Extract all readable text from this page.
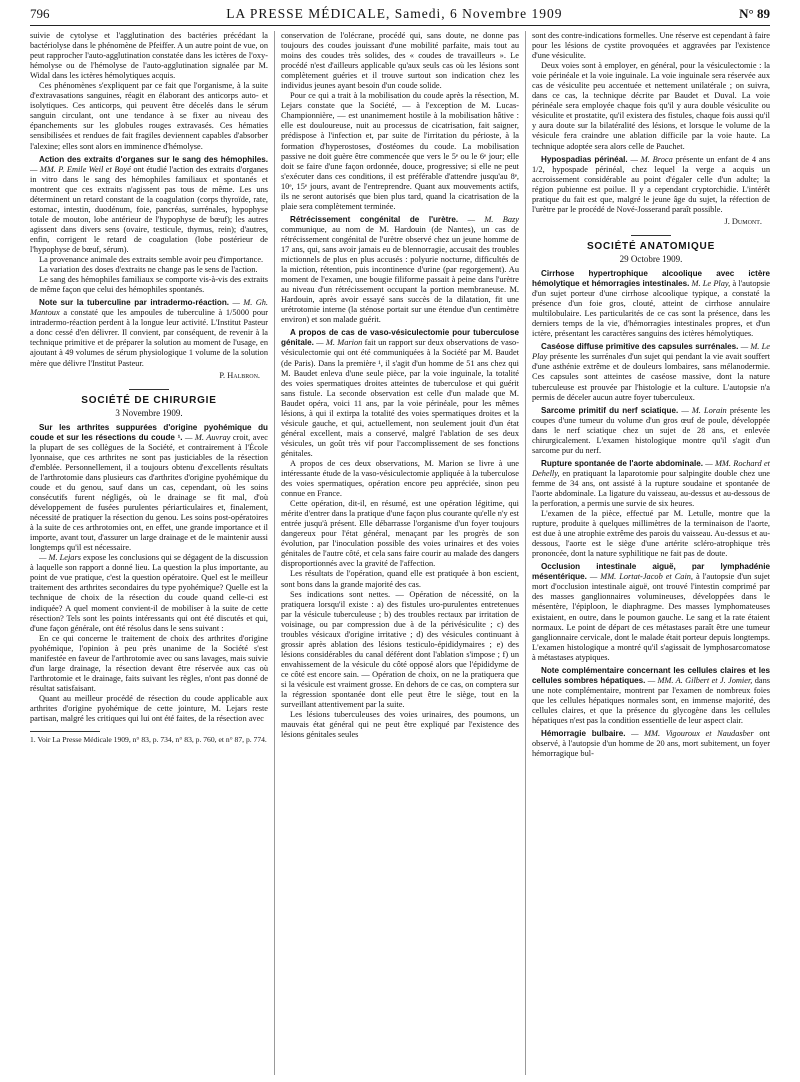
796	LA PRESSE MÉDICALE, Samedi, 6 Novembre 1909	N° 89

suivie de cytolyse et l'agglutination des bactéries précédant la bactériolyse dans le phénomène de Pfeiffer. A un autre point de vue, on peut rapprocher l'auto-agglutination constatée dans les ictères de l'oxy-hémolyse ou de l'hémolyse de l'auto-agglutination signalée par M. Widal dans les ictères hémolytiques acquis.

Ces phénomènes s'expliquent par ce fait que l'organisme, à la suite d'extravasations sanguines, réagit en élaborant des anticorps auto- et isolytiques. Ces anticorps, qui peuvent être décelés dans le sérum sanguin circulant, ont une tendance à se fixer au niveau des épanchements sur les globules rouges extravasés. Ces hématies sensibilisées et rendues de fait fragiles deviennent capables d'absorber l'alexine; elles sont alors en imminence d'hémolyse.

Action des extraits d'organes sur le sang des hémophiles. — MM. P. Emile Weil et Boyé ont étudié l'action des extraits d'organes in vitro dans le sang des hémophiles familiaux et spontanés et montrent que ces extraits n'agissent pas tous de même. Les uns déterminent un retard constant de la coagulation (corps thyroïde, rate, estomac, intestin, duodénum, foie, pancréas, surrénales, hypophyse totale de mouton, lobe antérieur de l'hypophyse de bœuf); les autres agissent dans divers sens (ovaire, testicule, thymus, rein); d'autres, enfin, corrigent le retard de coagulation (lobe postérieur de l'hypophyse de bœuf, sérum).

La provenance animale des extraits semble avoir peu d'importance.

La variation des doses d'extraits ne change pas le sens de l'action.

Le sang des hémophiles familiaux se comporte vis-à-vis des extraits de même façon que celui des hémophiles spontanés.

Note sur la tuberculine par intradermo-réaction. — M. Gh. Mantoux a constaté que les ampoules de tuberculine à 1/5000 pour intradermo-réaction perdent à la longue leur activité. L'Institut Pasteur a donc cessé d'en délivrer. Il convient, par conséquent, de revenir à la technique primitive et de préparer la solution au moment de l'usage, en ajoutant à 49 volumes de sérum physiologique 1 volume de la solution mère que délivre l'Institut Pasteur.

P. Halbron.
SOCIÉTÉ DE CHIRURGIE
3 Novembre 1909.

Sur les arthrites suppurées d'origine pyohémique du coude et sur les résections du coude ¹. — M. Auvray croit, avec la plupart de ses collègues de la Société, et contrairement à l'École lyonnaise, que ces arthrites ne sont pas justiciables de la résection d'emblée. Personnellement, il a toujours obtenu d'excellents résultats de l'arthrotomie dans plusieurs cas d'arthrites d'origine pyohémique du coude et du genou, sauf dans un cas, cependant, où les soins consécutifs furent négligés, où le drainage se fit mal, d'où développement de fusées purulentes périarticulaires et, finalement, nécessité de pratiquer la résection du genou. Les soins post-opératoires à la suite de ces arthrotomies ont, en effet, une grande importance et il importe, avant tout, d'assurer un large drainage et de le maintenir aussi longtemps qu'il est nécessaire.

— M. Lejars expose les conclusions qui se dégagent de la discussion à laquelle son rapport a donné lieu. La question la plus importante, au point de vue pratique, c'est la question opératoire. Quel est le meilleur traitement des arthrites secondaires du type pyohémique? Quelle est la technique de choix de la résection du coude quand celle-ci est indiquée? A quel moment convient-il de mobiliser à la suite de cette résection? Tels sont les points intéressants qui ont été discutés et qui, d'une façon générale, ont été résolus dans le sens suivant :

En ce qui concerne le traitement de choix des arthrites d'origine pyohémique, l'opinion à peu près unanime de la Société s'est manifestée en faveur de l'arthrotomie avec ou sans lavages, mais suivie d'un large drainage, la résection devant être réservée aux cas où l'arthrotomie et le drainage, faits suivant les règles, n'ont pas donné de résultat satisfaisant.

Quant au meilleur procédé de résection du coude applicable aux arthrites d'origine pyohémique de cette jointure, M. Lejars reste partisan, malgré les critiques qui lui ont été faites, de la résection avec

1. Voir La Presse Médicale 1909, n° 83, p. 734, n° 83, p. 760, et n° 87, p. 774.

conservation de l'olécrane, procédé qui, sans doute, ne donne pas toujours des coudes jouissant d'une mobilité parfaite, mais tout au moins des coudes très solides, des « coudes de travailleurs ». Le procédé n'est d'ailleurs applicable qu'aux seuls cas où les lésions sont complètement guéries et il trouve surtout son indication chez les individus jeunes ayant besoin d'un coude solide.

Pour ce qui a trait à la mobilisation du coude après la résection, M. Lejars constate que la Société, — à l'exception de M. Lucas-Championnière, — est unanimement hostile à la mobilisation hâtive : elle est douloureuse, nuit au processus de cicatrisation, fait saigner, prédispose à l'infection et, par suite de l'irritation du périoste, à la formation d'hyperostoses, d'ostéomes du coude. La mobilisation passive ne doit guère être commencée que vers le 5ᵉ ou le 6ᵉ jour; elle doit se faire d'une façon ordonnée, douce, progressive; si elle ne peut s'exécuter dans ces conditions, il est préférable d'attendre jusqu'au 8ᵉ, 10ᵉ, 15ᵉ jours, avant de l'entreprendre. Quant aux mouvements actifs, ils ne seront autorisés que bien plus tard, quand la cicatrisation de la plaie sera complètement terminée.

Rétrécissement congénital de l'urètre. — M. Bazy communique, au nom de M. Hardouin (de Nantes), un cas de rétrécissement congénital de l'urètre observé chez un jeune homme de 17 ans, qui, sans avoir jamais eu de blennorragie, accusait des troubles mictionnels de plus en plus accusés : polyurie nocturne, difficultés de la miction, rétention, puis incontinence d'urine (par regorgement). Au moment de l'examen, une bougie filiforme passait à peine dans l'urètre au niveau d'un rétrécissement occupant la portion membraneuse. M. Hardouin, après avoir essayé sans succès de la dilatation, fit une urétrotomie interne (la sténose portait sur une étendue d'un centimètre environ) et son malade guérit.

A propos de cas de vaso-vésiculectomie pour tuberculose génitale. — M. Marion fait un rapport sur deux observations de vaso-vésiculectomie qui ont été communiquées à la Société par M. Baudet (de Paris). Dans la première ¹, il s'agit d'un homme de 51 ans chez qui M. Baudet enleva d'une seule pièce, par la voie inguinale, la totalité des voies spermatiques droites atteintes de tuberculose et qui guérit sans fistule. La seconde observation est celle d'un malade que M. Baudet opéra, voici 11 ans, par la voie périnéale, pour les mêmes lésions, à qui il extirpa la totalité des voies spermatiques droites et la vésicule gauche, et qui, actuellement, non seulement jouit d'un état général excellent, mais a conservé, malgré l'ablation de ses deux vésicules, un goût très vif pour l'accomplissement de ses fonctions génitales.

A propos de ces deux observations, M. Marion se livre à une intéressante étude de la vaso-vésiculectomie appliquée à la tuberculose des voies spermatiques, opération encore peu appréciée, sinon peu connue en France.

Cette opération, dit-il, en résumé, est une opération légitime, qui mérite d'entrer dans la pratique d'une façon plus courante qu'elle n'y est entrée jusqu'à présent. Elle débarrasse l'organisme d'un foyer toujours dangereux pour l'état général, menaçant par les progrès de son évolution, par l'inoculation possible des voies urinaires et des voies génitales de l'autre côté, et cela sans faire courir au malade des dangers disproportionnés avec la gravité de l'affection.

Les résultats de l'opération, quand elle est pratiquée à bon escient, sont bons dans la grande majorité des cas.

Ses indications sont nettes. — Opération de nécessité, on la pratiquera lorsqu'il existe : a) des fistules uro-purulentes entretenues par la vésicule tuberculeuse ; b) des troubles rectaux par irritation de voisinage, ou par compression due à de la périvésiculite ; c) des troubles vésicaux d'origine irritative ; d) des vésicules continuant à grossir après ablation des lésions testiculo-épididymaires ; e) des lésions considérables du canal déférent dont l'ablation s'impose ; f) un envahissement de la vésicule du côté opposé alors que l'épididyme de ce côté est encore sain. — Opération de choix, on ne la pratiquera que si la vésicule est vraiment grosse. En dehors de ce cas, on comptera sur la régression spontanée dont elle peut être le siège, tout en la surveillant attentivement par la suite.

Les lésions tuberculeuses des voies urinaires, des poumons, un mauvais état général qui ne peut être expliqué par l'existence des lésions génitales seules

sont des contre-indications formelles. Une réserve est cependant à faire pour les lésions de cystite provoquées et aggravées par l'existence d'une vésiculite.

Deux voies sont à employer, en général, pour la vésiculectomie : la voie périnéale et la voie inguinale. La voie inguinale sera réservée aux cas de vésiculite peu accentuée et nettement unilatérale ; on suivra, dans ce cas, la technique décrite par Baudet et Duval. La voie périnéale sera employée chaque fois qu'il y aura double vésiculite ou vésiculite et prostatite, qu'il existera des fistules, chaque fois aussi qu'il y aura doute sur la bilatéralité des lésions, et lorsque le volume de la vésicule fera craindre une ablation difficile par la voie haute. La technique adoptée sera alors celle de Pauchet.

Hypospadias périnéal. — M. Broca présente un enfant de 4 ans 1/2, hypospade périnéal, chez lequel la verge a acquis un accroissement considérable au point d'égaler celle d'un adulte; la région pubienne est poilue. Il y a cependant cryptorchidie. L'intérêt pratique du fait est que, malgré le jeune âge du sujet, la réfection de l'urètre par le procédé de Nové-Josserand paraît possible.

J. Dumont.
SOCIÉTÉ ANATOMIQUE
29 Octobre 1909.

Cirrhose hypertrophique alcoolique avec ictère hémolytique et hémorragies intestinales. M. Le Play, à l'autopsie d'un sujet porteur d'une cirrhose alcoolique typique, a constaté la présence d'un foie gros, clouté, atteint de cirrhose annulaire multilobulaire. Les particularités de ce cas sont la présence, dans les derniers temps de la vie, d'hémorragies intestinales propres, et d'un ictère, présentant les caractères sanguins des ictères hémolytiques.

Caséose diffuse primitive des capsules surrénales. — M. Le Play présente les surrénales d'un sujet qui pendant la vie avait souffert d'une asthénie extrême et de douleurs lombaires, sans mélanodermie. Ces capsules sont atteintes de caséose massive, dont la nature tuberculeuse est prouvée par l'histologie et la culture. L'autopsie n'a permis de déceler aucun autre foyer tuberculeux.

Sarcome primitif du nerf sciatique. — M. Lorain présente les coupes d'une tumeur du volume d'un gros œuf de poule, développée dans le nerf sciatique chez un sujet de 28 ans, et enlevée chirurgicalement. L'examen histologique montre qu'il s'agit d'un sarcome pur du nerf.

Rupture spontanée de l'aorte abdominale. — MM. Rochard et Dehelly, en pratiquant la laparotomie pour salpingite double chez une femme de 34 ans, ont assisté à la rupture soudaine et spontanée de l'aorte abdominale. La ligature du vaisseau, au-dessus et au-dessous de la perforation, a permis une survie de six heures.

L'examen de la pièce, effectué par M. Letulle, montre que la rupture, produite à quelques millimètres de la terminaison de l'aorte, est due à une atrophie extrême des parois du vaisseau. Au-dessus et au-dessous, l'aorte est le siège d'une artérite scléro-atrophique très prononcée, dont la nature syphilitique ne fait pas de doute.

Occlusion intestinale aiguë, par lymphadénie mésentérique. — MM. Lortat-Jacob et Cain, à l'autopsie d'un sujet mort d'occlusion intestinale aiguë, ont trouvé l'intestin comprimé par des masses ganglionnaires volumineuses, développées dans le mésentère, l'épiploon, le diaphragme. Des masses lymphomateuses existaient, en outre, dans le poumon gauche. Le sang et la rate étaient normaux. Le point de départ de ces métastases paraît être une tumeur ganglionnaire cervicale, dont le malade était porteur depuis longtemps. L'examen histologique a montré qu'il s'agissait de lymphosarcomatose à métastases atypiques.

Note complémentaire concernant les cellules claires et les cellules sombres hépatiques. — MM. A. Gilbert et J. Jomier, dans une note complémentaire, montrent par l'examen de nombreux foies que les cellules hépatiques normales sont, en immense majorité, des cellules claires, et que la présence du glycogène dans les cellules hépatiques n'est pas la condition essentielle de leur aspect clair.

Hémorragie bulbaire. — MM. Vigouroux et Naudasber ont observé, à l'autopsie d'un homme de 20 ans, mort subitement, un foyer hémorragique bul-
